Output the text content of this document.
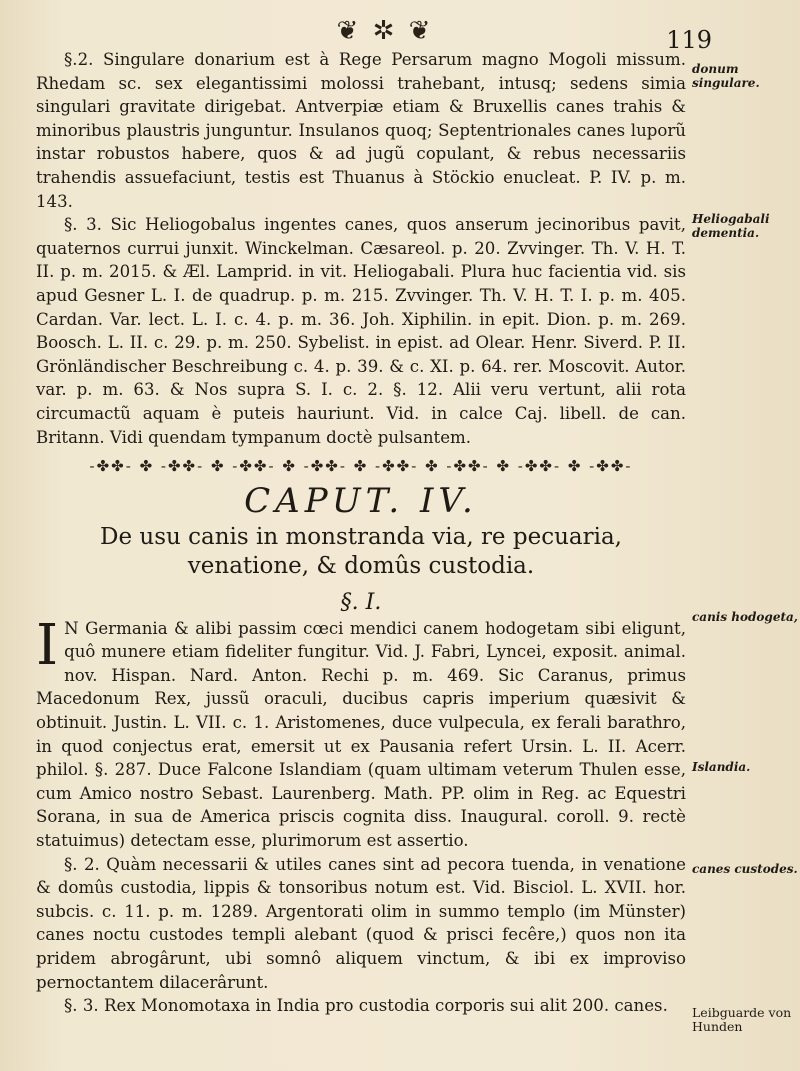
❦ ✲ ❦	119

§.2. Singulare donarium est à Rege Persarum magno Mogoli missum. Rhedam sc. sex elegantissimi molossi trahebant, intusq; sedens simia singulari gravitate dirigebat. Antverpiæ etiam & Bruxellis canes trahis & minoribus plaustris junguntur. Insulanos quoq; Septentrionales canes luporũ instar robustos habere, quos & ad jugũ copulant, & rebus necessariis trahendis assuefaciunt, testis est Thuanus à Stöckio enucleat. P. IV. p. m. 143.

§. 3. Sic Heliogobalus ingentes canes, quos anserum jecinoribus pavit, quaternos currui junxit. Winckelman. Cæsareol. p. 20. Zvvinger. Th. V. H. T. II. p. m. 2015. & Æl. Lamprid. in vit. Heliogabali. Plura huc facientia vid. sis apud Gesner L. I. de quadrup. p. m. 215. Zvvinger. Th. V. H. T. I. p. m. 405. Cardan. Var. lect. L. I. c. 4. p. m. 36. Joh. Xiphilin. in epit. Dion. p. m. 269. Boosch. L. II. c. 29. p. m. 250. Sybelist. in epist. ad Olear. Henr. Siverd. P. II. Grönländischer Beschreibung c. 4. p. 39. & c. XI. p. 64. rer. Moscovit. Autor. var. p. m. 63. & Nos supra S. I. c. 2. §. 12. Alii veru vertunt, alii rota circumactũ aquam è puteis hauriunt. Vid. in calce Caj. libell. de can. Britann. Vidi quendam tympanum doctè pulsantem.

-✤✤- ✤ -✤✤- ✤ -✤✤- ✤ -✤✤- ✤ -✤✤- ✤ -✤✤- ✤ -✤✤- ✤ -✤✤-
CAPUT. IV.
De usu canis in monstranda via, re pecuaria, venatione, & domûs custodia.
§. I.

I N Germania & alibi passim cœci mendici canem hodogetam sibi eligunt, quô munere etiam fideliter fungitur. Vid. J. Fabri, Lyncei, exposit. animal. nov. Hispan. Nard. Anton. Rechi p. m. 469. Sic Caranus, primus Macedonum Rex, jussũ oraculi, ducibus capris imperium quæsivit & obtinuit. Justin. L. VII. c. 1. Aristomenes, duce vulpecula, ex ferali barathro, in quod conjectus erat, emersit ut ex Pausania refert Ursin. L. II. Acerr. philol. §. 287. Duce Falcone Islandiam (quam ultimam veterum Thulen esse, cum Amico nostro Sebast. Laurenberg. Math. PP. olim in Reg. ac Equestri Sorana, in sua de America priscis cognita diss. Inaugural. coroll. 9. rectè statuimus) detectam esse, plurimorum est assertio.

§. 2. Quàm necessarii & utiles canes sint ad pecora tuenda, in venatione & domûs custodia, lippis & tonsoribus notum est. Vid. Bisciol. L. XVII. hor. subcis. c. 11. p. m. 1289. Argentorati olim in summo templo (im Münster) canes noctu custodes templi alebant (quod & prisci fecêre,) quos non ita pridem abrogârunt, ubi somnô aliquem vinctum, & ibi ex improviso pernoctantem dilacerârunt.

§. 3. Rex Monomotaxa in India pro custodia corporis sui alit 200. canes.

donum singulare.
Heliogabali dementia.
canis hodogeta,
Islandia.
canes custodes.
Leibguarde von Hunden
